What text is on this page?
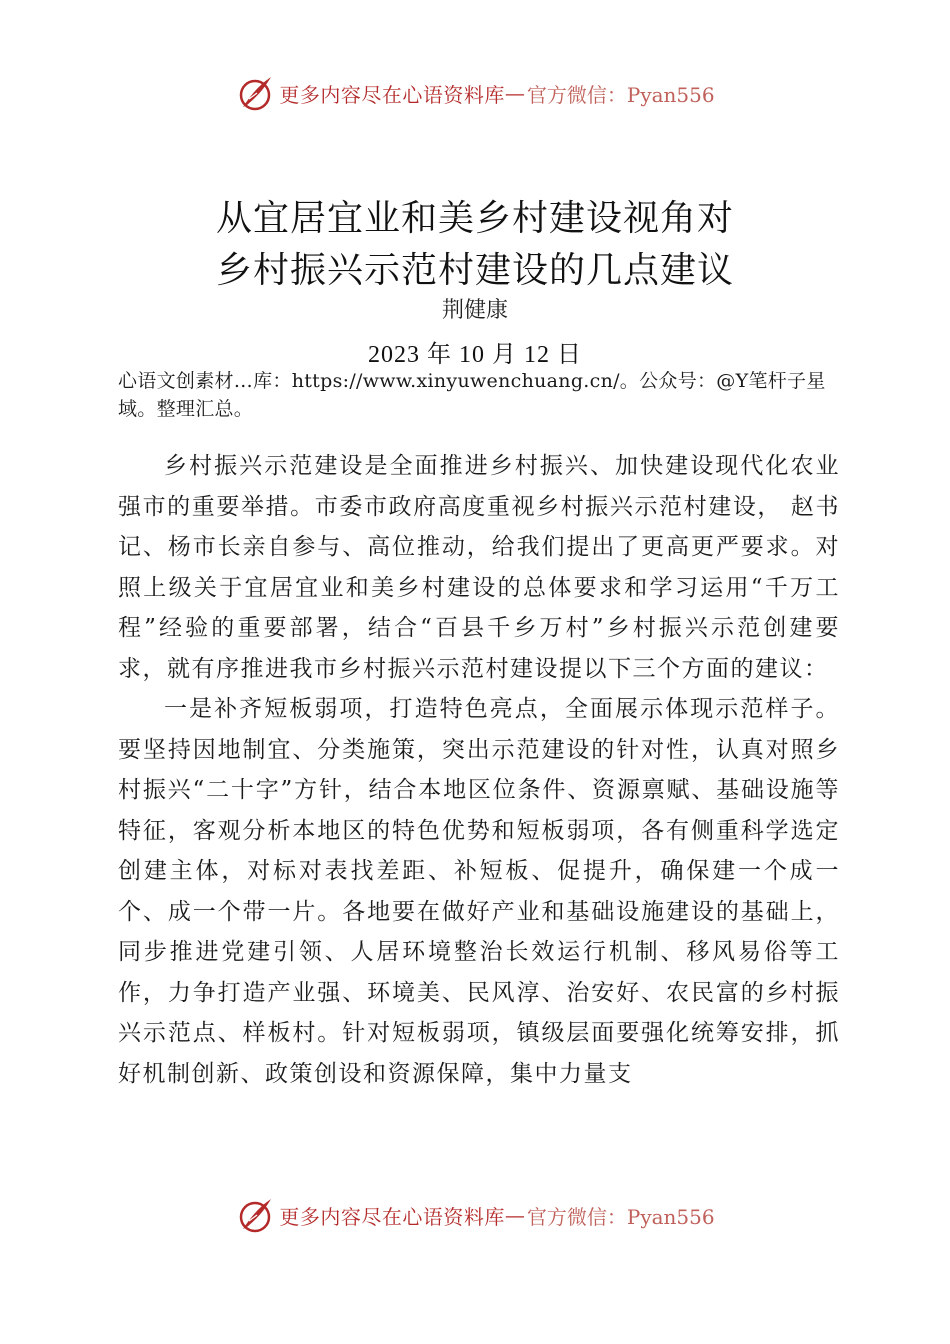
更多内容尽在心语资料库 — 官方微信：Pyan556
从宜居宜业和美乡村建设视角对
乡村振兴示范村建设的几点建议
荆健康
2023 年 10 月 12 日
心语文创素材…库：https://www.xinyuwenchuang.cn/。公众号：@Y笔杆子星域。整理汇总。

乡村振兴示范建设是全面推进乡村振兴、加快建设现代化农业强市的重要举措。市委市政府高度重视乡村振兴示范村建设， 赵书记、杨市长亲自参与、高位推动，给我们提出了更高更严要求。对照上级关于宜居宜业和美乡村建设的总体要求和学习运用“千万工程”经验的重要部署，结合“百县千乡万村”乡村振兴示范创建要求，就有序推进我市乡村振兴示范村建设提以下三个方面的建议：

一是补齐短板弱项，打造特色亮点，全面展示体现示范样子。要坚持因地制宜、分类施策，突出示范建设的针对性，认真对照乡村振兴“二十字”方针，结合本地区位条件、资源禀赋、基础设施等特征，客观分析本地区的特色优势和短板弱项，各有侧重科学选定创建主体，对标对表找差距、补短板、促提升，确保建一个成一个、成一个带一片。各地要在做好产业和基础设施建设的基础上，同步推进党建引领、人居环境整治长效运行机制、移风易俗等工作，力争打造产业强、环境美、民风淳、治安好、农民富的乡村振兴示范点、样板村。针对短板弱项，镇级层面要强化统筹安排，抓好机制创新、政策创设和资源保障，集中力量支

更多内容尽在心语资料库 — 官方微信：Pyan556
